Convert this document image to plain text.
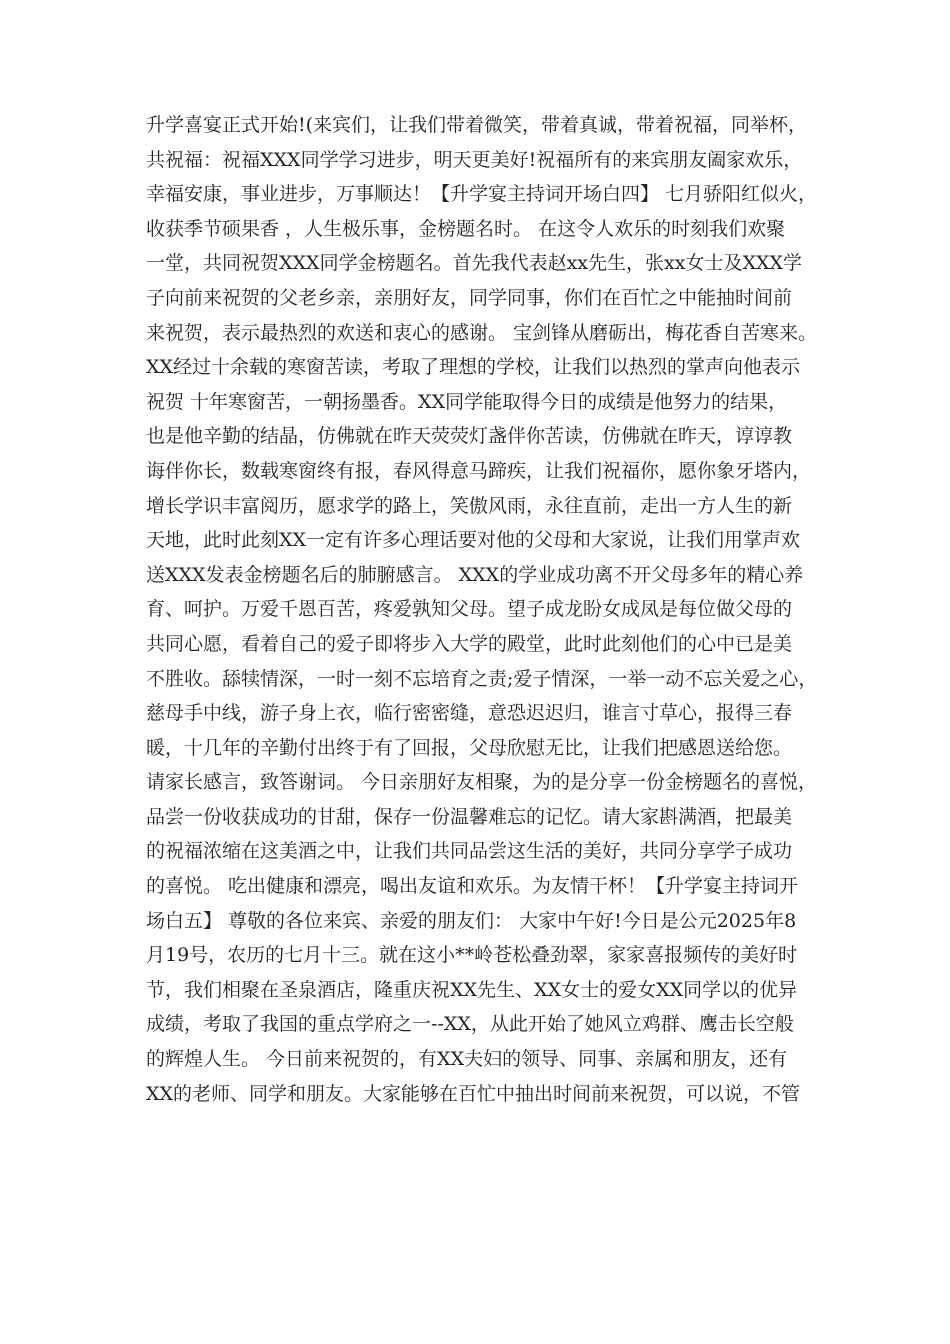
升学喜宴正式开始!(来宾们，让我们带着微笑，带着真诚，带着祝福，同举杯，
共祝福：祝福XXX同学学习进步，明天更美好!祝福所有的来宾朋友阖家欢乐，
幸福安康，事业进步，万事顺达！【升学宴主持词开场白四】 七月骄阳红似火，
收获季节硕果香 ，人生极乐事，金榜题名时。 在这令人欢乐的时刻我们欢聚
一堂，共同祝贺XXX同学金榜题名。首先我代表赵xx先生，张xx女士及XXX学
子向前来祝贺的父老乡亲，亲朋好友，同学同事，你们在百忙之中能抽时间前
来祝贺，表示最热烈的欢送和衷心的感谢。 宝剑锋从磨砺出，梅花香自苦寒来。
XX经过十余载的寒窗苦读，考取了理想的学校，让我们以热烈的掌声向他表示
祝贺 十年寒窗苦，一朝扬墨香。XX同学能取得今日的成绩是他努力的结果，
也是他辛勤的结晶，仿佛就在昨天荧荧灯盏伴你苦读，仿佛就在昨天，谆谆教
诲伴你长，数载寒窗终有报，春风得意马蹄疾，让我们祝福你，愿你象牙塔内，
增长学识丰富阅历，愿求学的路上，笑傲风雨，永往直前，走出一方人生的新
天地，此时此刻XX一定有许多心理话要对他的父母和大家说，让我们用掌声欢
送XXX发表金榜题名后的肺腑感言。 XXX的学业成功离不开父母多年的精心养
育、呵护。万爱千恩百苦，疼爱孰知父母。望子成龙盼女成凤是每位做父母的
共同心愿，看着自己的爱子即将步入大学的殿堂，此时此刻他们的心中已是美
不胜收。舔犊情深，一时一刻不忘培育之责;爱子情深，一举一动不忘关爱之心，
慈母手中线，游子身上衣，临行密密缝，意恐迟迟归，谁言寸草心，报得三春
暖，十几年的辛勤付出终于有了回报，父母欣慰无比，让我们把感恩送给您。
请家长感言，致答谢词。 今日亲朋好友相聚，为的是分享一份金榜题名的喜悦，
品尝一份收获成功的甘甜，保存一份温馨难忘的记忆。请大家斟满酒，把最美
的祝福浓缩在这美酒之中，让我们共同品尝这生活的美好，共同分享学子成功
的喜悦。 吃出健康和漂亮，喝出友谊和欢乐。为友情干杯！【升学宴主持词开
场白五】 尊敬的各位来宾、亲爱的朋友们： 大家中午好!今日是公元2025年8
月19号，农历的七月十三。就在这小**岭苍松叠劲翠，家家喜报频传的美好时
节，我们相聚在圣泉酒店，隆重庆祝XX先生、XX女士的爱女XX同学以的优异
成绩，考取了我国的重点学府之一--XX，从此开始了她风立鸡群、鹰击长空般
的辉煌人生。 今日前来祝贺的，有XX夫妇的领导、同事、亲属和朋友，还有
XX的老师、同学和朋友。大家能够在百忙中抽出时间前来祝贺，可以说，不管
